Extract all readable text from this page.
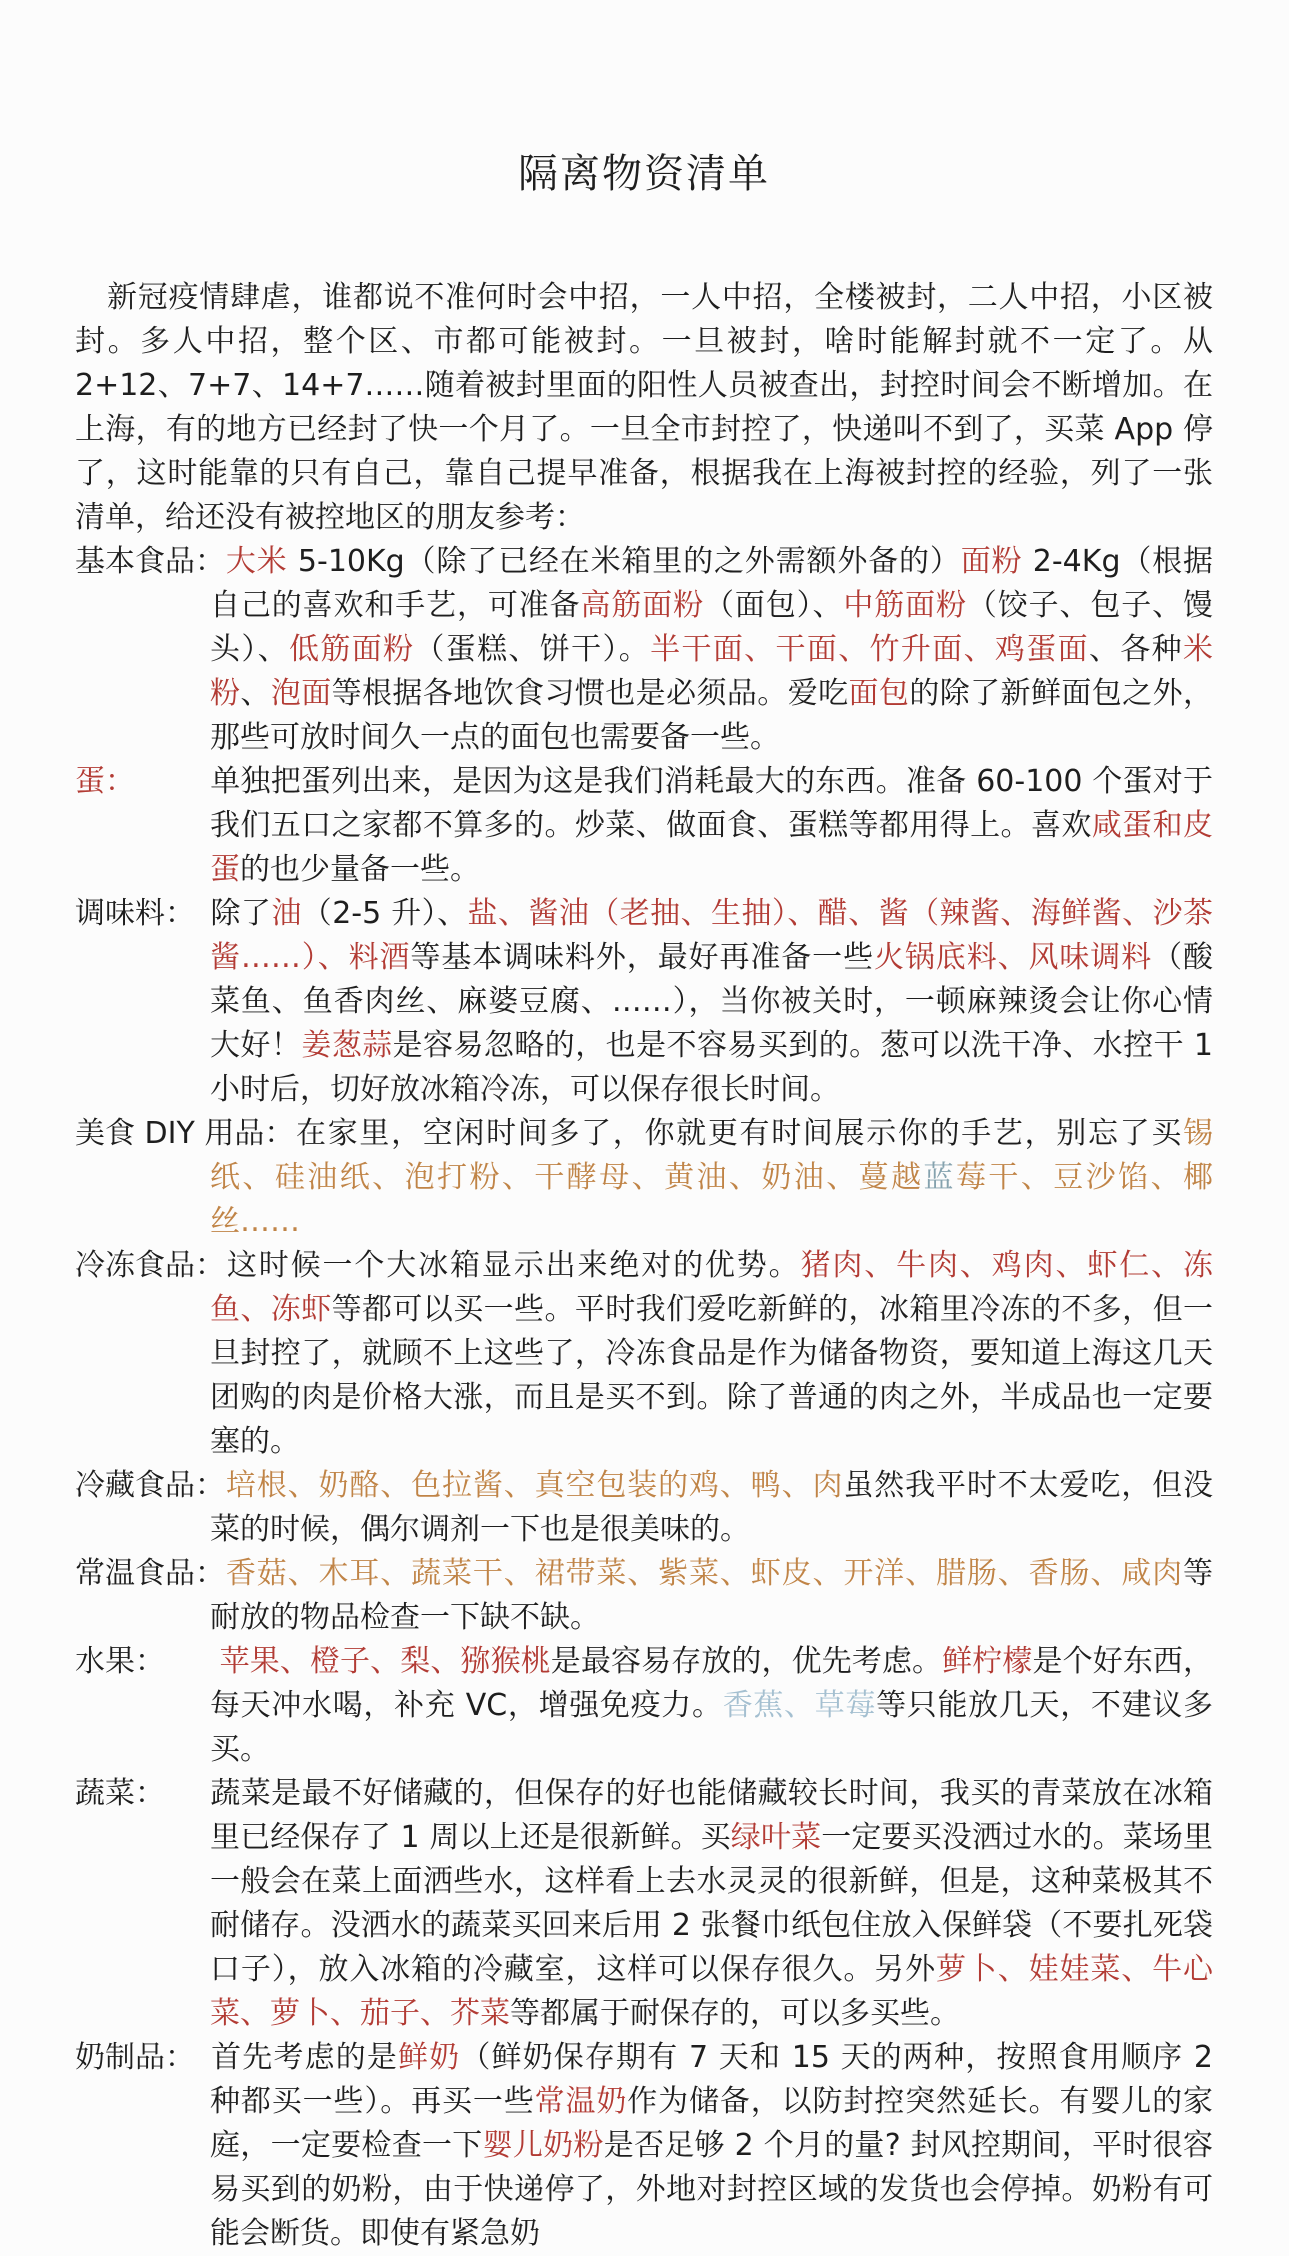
隔离物资清单
新冠疫情肆虐，谁都说不准何时会中招，一人中招，全楼被封，二人中招，小区被封。多人中招，整个区、市都可能被封。一旦被封，啥时能解封就不一定了。从 2+12、7+7、14+7……随着被封里面的阳性人员被查出，封控时间会不断增加。在上海，有的地方已经封了快一个月了。一旦全市封控了，快递叫不到了，买菜 App 停了，这时能靠的只有自己，靠自己提早准备，根据我在上海被封控的经验，列了一张清单，给还没有被控地区的朋友参考：
基本食品：大米 5-10Kg（除了已经在米箱里的之外需额外备的）面粉 2-4Kg（根据自己的喜欢和手艺，可准备高筋面粉（面包）、中筋面粉（饺子、包子、馒头）、低筋面粉（蛋糕、饼干）。半干面、干面、竹升面、鸡蛋面、各种米粉、泡面等根据各地饮食习惯也是必须品。爱吃面包的除了新鲜面包之外，那些可放时间久一点的面包也需要备一些。
蛋：	单独把蛋列出来，是因为这是我们消耗最大的东西。准备 60-100 个蛋对于我们五口之家都不算多的。炒菜、做面食、蛋糕等都用得上。喜欢咸蛋和皮蛋的也少量备一些。
调味料： 除了油（2-5 升）、盐、酱油（老抽、生抽）、醋、酱（辣酱、海鲜酱、沙茶酱……）、料酒等基本调味料外，最好再准备一些火锅底料、风味调料（酸菜鱼、鱼香肉丝、麻婆豆腐、……），当你被关时，一顿麻辣烫会让你心情大好！姜葱蒜是容易忽略的，也是不容易买到的。葱可以洗干净、水控干 1 小时后，切好放冰箱冷冻，可以保存很长时间。
美食 DIY 用品：在家里，空闲时间多了，你就更有时间展示你的手艺，别忘了买锡纸、硅油纸、泡打粉、干酵母、黄油、奶油、蔓越蓝莓干、豆沙馅、椰丝……
冷冻食品：这时候一个大冰箱显示出来绝对的优势。猪肉、牛肉、鸡肉、虾仁、冻鱼、冻虾等都可以买一些。平时我们爱吃新鲜的，冰箱里冷冻的不多，但一旦封控了，就顾不上这些了，冷冻食品是作为储备物资，要知道上海这几天团购的肉是价格大涨，而且是买不到。除了普通的肉之外，半成品也一定要塞的。
冷藏食品：培根、奶酪、色拉酱、真空包装的鸡、鸭、肉虽然我平时不太爱吃，但没菜的时候，偶尔调剂一下也是很美味的。
常温食品：香菇、木耳、蔬菜干、裙带菜、紫菜、虾皮、开洋、腊肠、香肠、咸肉等耐放的物品检查一下缺不缺。
水果： 苹果、橙子、梨、猕猴桃是最容易存放的，优先考虑。鲜柠檬是个好东西，每天冲水喝，补充 VC，增强免疫力。香蕉、草莓等只能放几天，不建议多买。
蔬菜： 蔬菜是最不好储藏的，但保存的好也能储藏较长时间，我买的青菜放在冰箱里已经保存了 1 周以上还是很新鲜。买绿叶菜一定要买没洒过水的。菜场里一般会在菜上面洒些水，这样看上去水灵灵的很新鲜，但是，这种菜极其不耐储存。没洒水的蔬菜买回来后用 2 张餐巾纸包住放入保鲜袋（不要扎死袋口子），放入冰箱的冷藏室，这样可以保存很久。另外萝卜、娃娃菜、牛心菜、萝卜、茄子、芥菜等都属于耐保存的，可以多买些。
奶制品： 首先考虑的是鲜奶（鲜奶保存期有 7 天和 15 天的两种，按照食用顺序 2 种都买一些）。再买一些常温奶作为储备，以防封控突然延长。有婴儿的家庭，一定要检查一下婴儿奶粉是否足够 2 个月的量? 封风控期间，平时很容易买到的奶粉，由于快递停了，外地对封控区域的发货也会停掉。奶粉有可能会断货。即使有紧急奶
